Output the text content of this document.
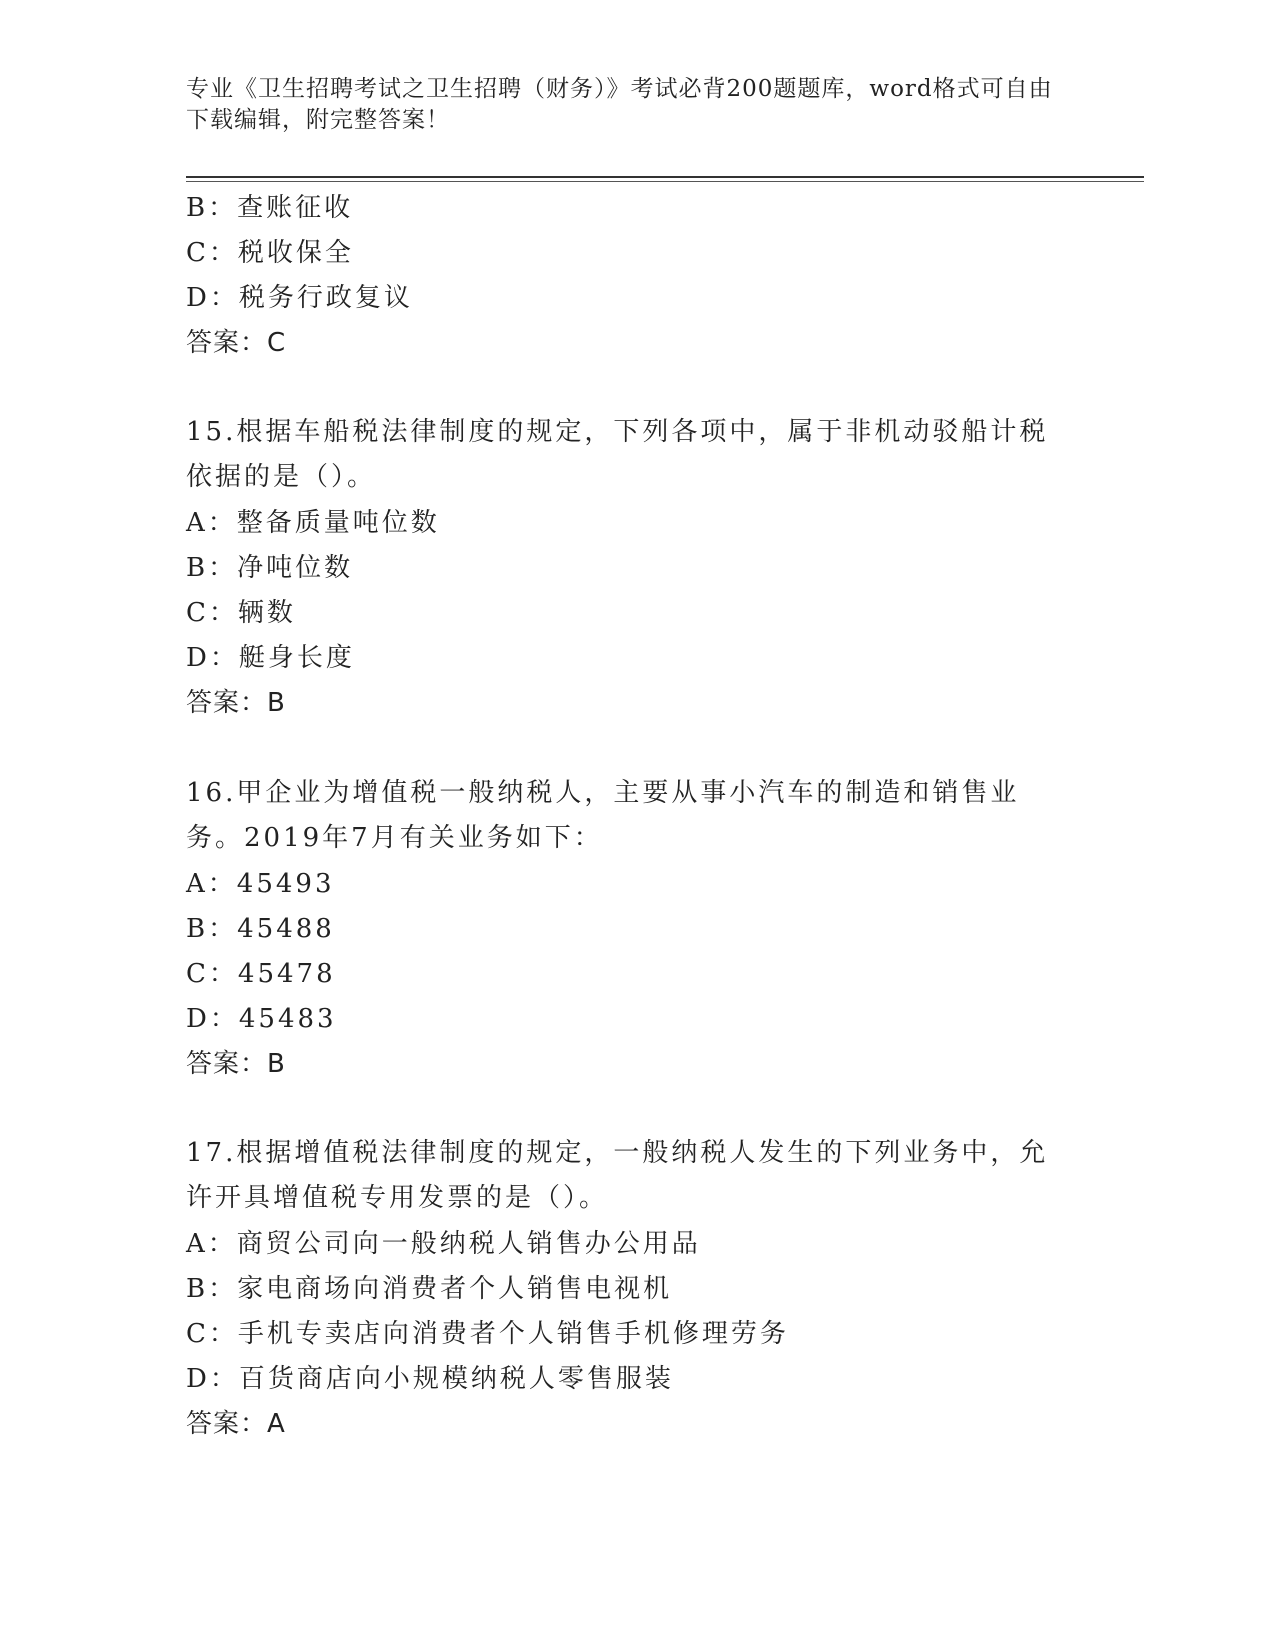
专业《卫生招聘考试之卫生招聘（财务）》考试必背200题题库，word格式可自由下载编辑，附完整答案！
B：查账征收
C：税收保全
D：税务行政复议
答案：C
15.根据车船税法律制度的规定，下列各项中，属于非机动驳船计税依据的是（）。
A：整备质量吨位数
B：净吨位数
C：辆数
D：艇身长度
答案：B
16.甲企业为增值税一般纳税人，主要从事小汽车的制造和销售业务。2019年7月有关业务如下：
A：45493
B：45488
C：45478
D：45483
答案：B
17.根据增值税法律制度的规定，一般纳税人发生的下列业务中，允许开具增值税专用发票的是（）。
A：商贸公司向一般纳税人销售办公用品
B：家电商场向消费者个人销售电视机
C：手机专卖店向消费者个人销售手机修理劳务
D：百货商店向小规模纳税人零售服装
答案：A
